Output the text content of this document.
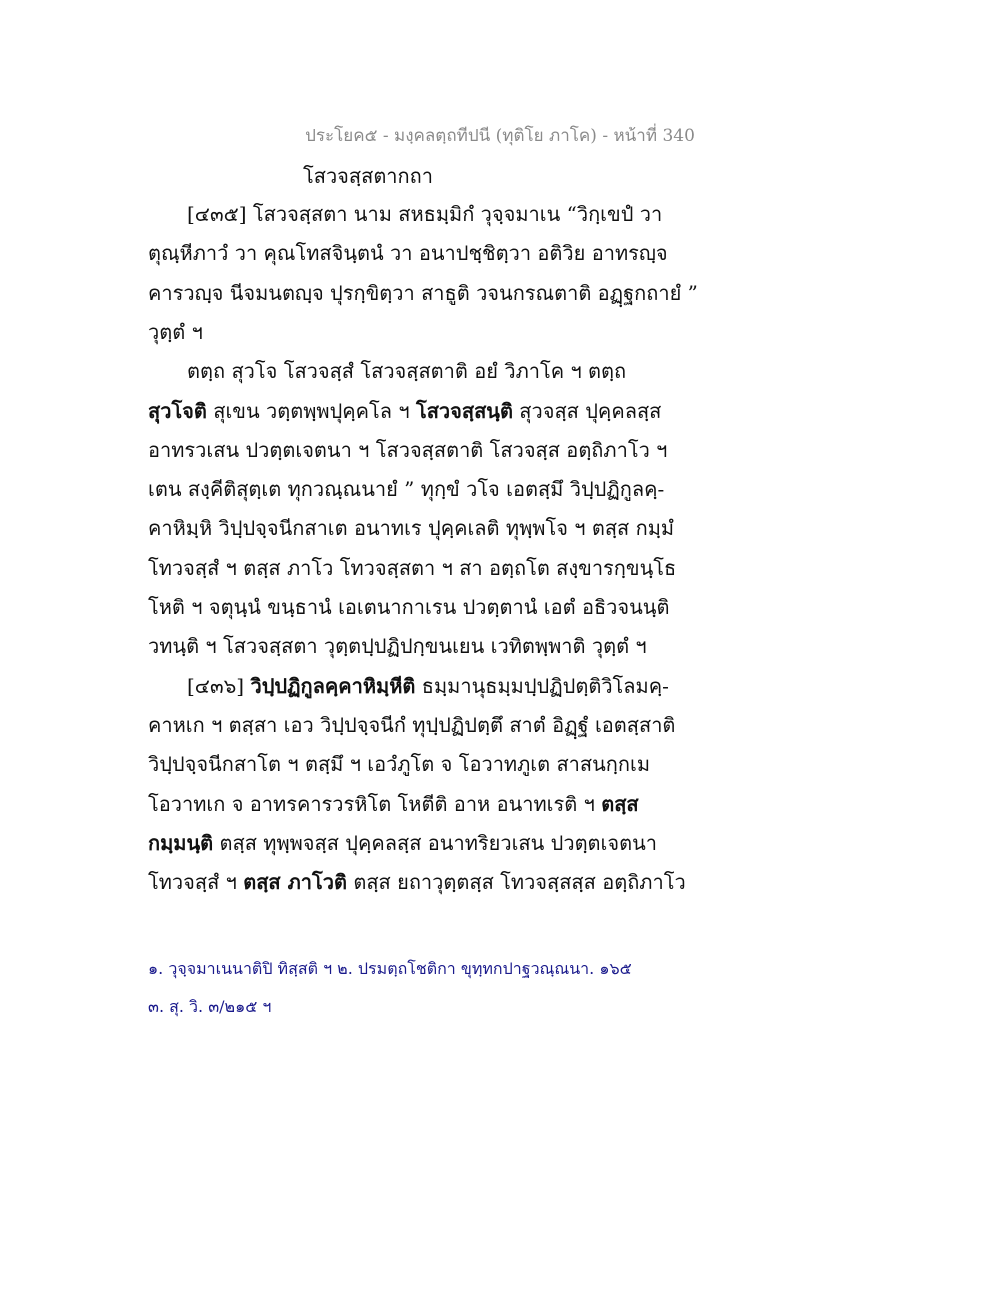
ประโยค๕ - มงฺคลตฺถทีปนี (ทุติโย ภาโค) - หน้าที่ 340
โสวจสฺสตากถา
[๔๓๕] โสวจสฺสตา นาม สหธมฺมิกํ วุจฺจมาเน “วิกฺเขปํ วา
ตุณฺหีภาวํ วา คุณโทสจินฺตนํ วา อนาปชฺชิตฺวา อติวิย อาทรญฺจ
คารวญฺจ นีจมนตญฺจ ปุรกฺขิตฺวา สาธูติ วจนกรณตาติ อฏฺฐกถายํ ”
วุตฺตํ ฯ
ตตฺถ สุวโจ โสวจสฺสํ โสวจสฺสตาติ อยํ วิภาโค ฯ ตตฺถ
สุวโจติ สุเขน วตฺตพฺพปุคฺคโล ฯ โสวจสฺสนฺติ สุวจสฺส ปุคฺคลสฺส
อาทรวเสน ปวตฺตเจตนา ฯ โสวจสฺสตาติ โสวจสฺส อตฺถิภาโว ฯ
เตน สงฺคีติสุตฺเต ทุกวณฺณนายํ ” ทุกฺขํ วโจ เอตสฺมึ วิปฺปฏิกูลคฺ-
คาหิมฺหิ วิปฺปจฺจนีกสาเต อนาทเร ปุคฺคเลติ ทุพฺพโจ ฯ ตสฺส กมฺมํ
โทวจสฺสํ ฯ ตสฺส ภาโว โทวจสฺสตา ฯ สา อตฺถโต สงฺขารกฺขนฺโธ
โหติ ฯ จตุนฺนํ ขนฺธานํ เอเตนากาเรน ปวตฺตานํ เอตํ อธิวจนนฺติ
วทนฺติ ฯ โสวจสฺสตา วุตฺตปฺปฏิปกฺขนเยน เวทิตพฺพาติ วุตฺตํ ฯ
[๔๓๖] วิปฺปฏิกูลคฺคาหิมฺหีติ ธมฺมานุธมฺมปฺปฏิปตฺติวิโลมคฺ-
คาหเก ฯ ตสฺสา เอว วิปฺปจฺจนีกํ ทุปฺปฏิปตฺตึ สาตํ อิฏฺฐํ เอตสฺสาติ
วิปฺปจฺจนีกสาโต ฯ ตสฺมึ ฯ เอวํภูโต จ โอวาทภูเต สาสนกฺกเม
โอวาทเก จ อาทรคารวรหิโต โหตีติ อาห อนาทเรติ ฯ ตสฺส
กมฺมนฺติ ตสฺส ทุพฺพจสฺส ปุคฺคลสฺส อนาทริยวเสน ปวตฺตเจตนา
โทวจสฺสํ ฯ ตสฺส ภาโวติ ตสฺส ยถาวุตฺตสฺส โทวจสฺสสฺส อตฺถิภาโว
๑. วุจฺจมาเนนาติปิ ทิสฺสติ ฯ ๒. ปรมตฺถโชติกา ขุทฺทกปาฐวณฺณนา. ๑๖๕
๓. สุ. วิ. ๓/๒๑๕ ฯ
